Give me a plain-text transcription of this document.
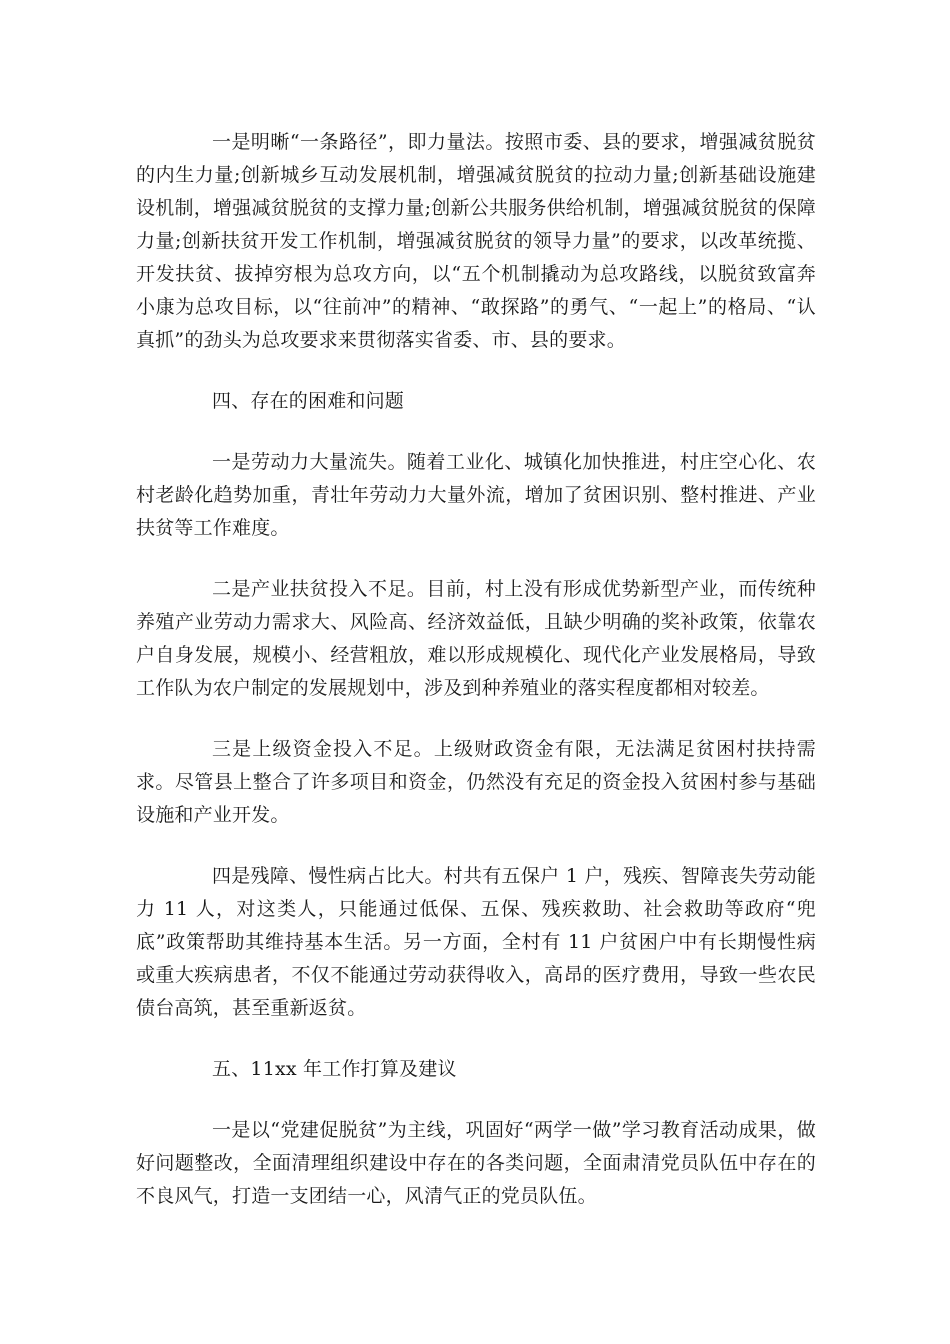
一是明晰“一条路径”，即力量法。按照市委、县的要求，增强减贫脱贫的内生力量;创新城乡互动发展机制，增强减贫脱贫的拉动力量;创新基础设施建设机制，增强减贫脱贫的支撑力量;创新公共服务供给机制，增强减贫脱贫的保障力量;创新扶贫开发工作机制，增强减贫脱贫的领导力量”的要求，以改革统揽、开发扶贫、拔掉穷根为总攻方向，以“五个机制撬动为总攻路线，以脱贫致富奔小康为总攻目标，以“往前冲”的精神、“敢探路”的勇气、“一起上”的格局、“认真抓”的劲头为总攻要求来贯彻落实省委、市、县的要求。

四、存在的困难和问题

一是劳动力大量流失。随着工业化、城镇化加快推进，村庄空心化、农村老龄化趋势加重，青壮年劳动力大量外流，增加了贫困识别、整村推进、产业扶贫等工作难度。

二是产业扶贫投入不足。目前，村上没有形成优势新型产业，而传统种养殖产业劳动力需求大、风险高、经济效益低，且缺少明确的奖补政策，依靠农户自身发展，规模小、经营粗放，难以形成规模化、现代化产业发展格局，导致工作队为农户制定的发展规划中，涉及到种养殖业的落实程度都相对较差。

三是上级资金投入不足。上级财政资金有限，无法满足贫困村扶持需求。尽管县上整合了许多项目和资金，仍然没有充足的资金投入贫困村参与基础设施和产业开发。

四是残障、慢性病占比大。村共有五保户 1 户，残疾、智障丧失劳动能力 11 人，对这类人，只能通过低保、五保、残疾救助、社会救助等政府“兜底”政策帮助其维持基本生活。另一方面，全村有 11 户贫困户中有长期慢性病或重大疾病患者，不仅不能通过劳动获得收入，高昂的医疗费用，导致一些农民债台高筑，甚至重新返贫。

五、11xx 年工作打算及建议

一是以“党建促脱贫”为主线，巩固好“两学一做”学习教育活动成果，做好问题整改，全面清理组织建设中存在的各类问题，全面肃清党员队伍中存在的不良风气，打造一支团结一心，风清气正的党员队伍。
